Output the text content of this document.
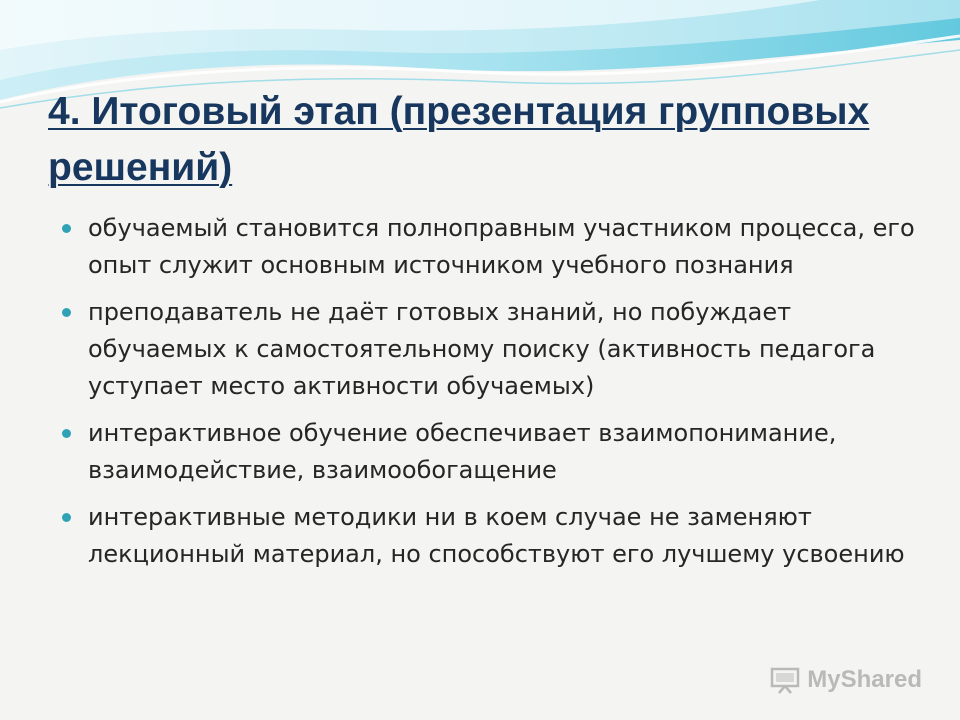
4. Итоговый этап (презентация групповых решений)
обучаемый становится полноправным участником процесса, его опыт служит основным источником учебного познания
преподаватель не даёт готовых знаний, но побуждает обучаемых к самостоятельному поиску (активность педагога уступает место активности обучаемых)
интерактивное обучение обеспечивает взаимопонимание, взаимодействие, взаимообогащение
интерактивные методики ни в коем случае не заменяют лекционный материал, но способствуют его лучшему усвоению
MyShared
